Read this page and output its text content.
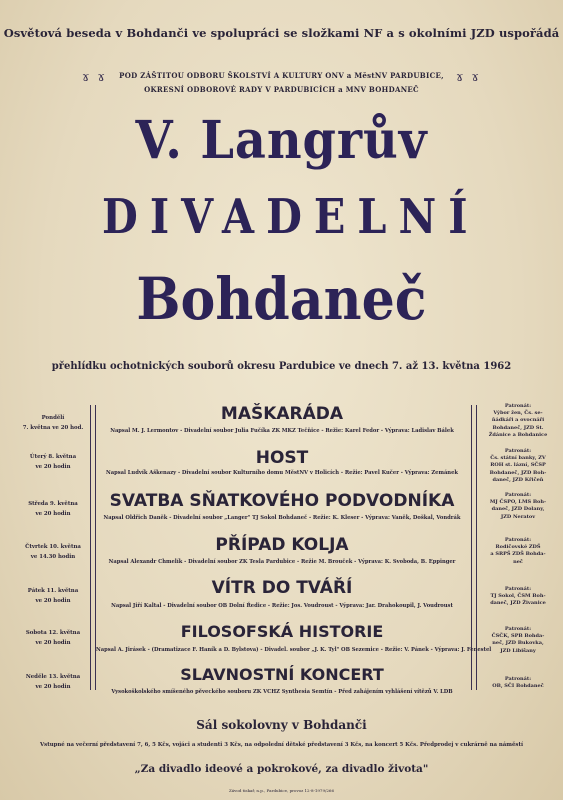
Osvětová beseda v Bohdanči ve spolupráci se složkami NF a s okolními JZD uspořádá
ɤ ɤ	ɤ ɤ
POD ZÁŠTITOU ODBORU ŠKOLSTVÍ A KULTURY ONV a MěstNV PARDUBICE,
OKRESNÍ ODBOROVÉ RADY V PARDUBICÍCH a MNV BOHDANEČ
V. Langrův
DIVADELNÍ
Bohdaneč
přehlídku ochotnických souborů okresu Pardubice ve dnech 7. až 13. května 1962
Pondělí
7. května ve 20 hod.
Úterý 8. května
ve 20 hodin
Středa 9. května
ve 20 hodin
Čtvrtek 10. května
ve 14.30 hodin
Pátek 11. května
ve 20 hodin
Sobota 12. května
ve 20 hodin
Neděle 13. května
ve 20 hodin
MAŠKARÁDA
Napsal M. J. Lermontov - Divadelní soubor Julia Fučíka ZK MKZ Tečňice - Režie: Karel Fedor - Výprava: Ladislav Bálek
HOST
Napsal Ludvík Aškenazy - Divadelní soubor Kulturního domu MěstNV v Holicích - Režie: Pavel Kučer - Výprava: Zemánek
SVATBA SŇATKOVÉHO PODVODNÍKA
Napsal Oldřich Daněk - Divadelní soubor „Langer" TJ Sokol Bohdaneč - Režie: K. Kleser - Výprava: Vaněk, Doškal, Vondrák
PŘÍPAD KOLJA
Napsal Alexandr Chmelík - Divadelní soubor ZK Tesla Pardubice - Režie M. Brouček - Výprava: K. Svoboda, B. Eppinger
VÍTR DO TVÁŘÍ
Napsal Jiří Kaltal - Divadelní soubor OB Dolní Ředice - Režie: Jos. Voudroust - Výprava: Jar. Drahokoupil, J. Voudroust
FILOSOFSKÁ HISTORIE
Napsal A. Jirásek - (Dramatizace F. Haník a D. Bylstova) - Divadel. soubor „J. K. Tyl" OB Sezemice - Režie: V. Pánek - Výprava: J. Fenestel
SLAVNOSTNÍ KONCERT
Vysokoškolského smíšeného pěveckého souboru ZK VCHZ Synthesia Semtín - Před zahájením vyhlášení vítězů V. LDB
Patronát:
Výbor žen, Čs. se-
ňádkáři a ovocnáři
Bohdaneč, JZD St.
Ždánice a Bohdanice
Patronát:
Čs. státní banky, ZV
ROH st. lázní, SČSP
Bohdaneč, JZD Boh-
daneč, JZD Křičeň
Patronát:
MJ ČSPO, LMS Boh-
daneč, JZD Dolany,
JZD Neratov
Patronát:
Rodičovské ZDŠ
a SRPŠ ZDŠ Bohda-
neč
Patronát:
TJ Sokol, ČSM Boh-
daneč, JZD Živanice
Patronát:
ČSČK, SPB Bohda-
neč, JZD Bukovka,
JZD Libišany
Patronát:
OB, SČI Bohdaneč
Sál sokolovny v Bohdanči
Vstupné na večerní představení 7, 6, 5 Kčs, vojáci a studenti 3 Kčs, na odpolední dětské představení 3 Kčs, na koncert 5 Kčs. Předprodej v cukrárně na náměstí
„Za divadlo ideové a pokrokové, za divadlo života"
Závod tiskař, n.p., Pardubice, provoz 12-8-1979/266
